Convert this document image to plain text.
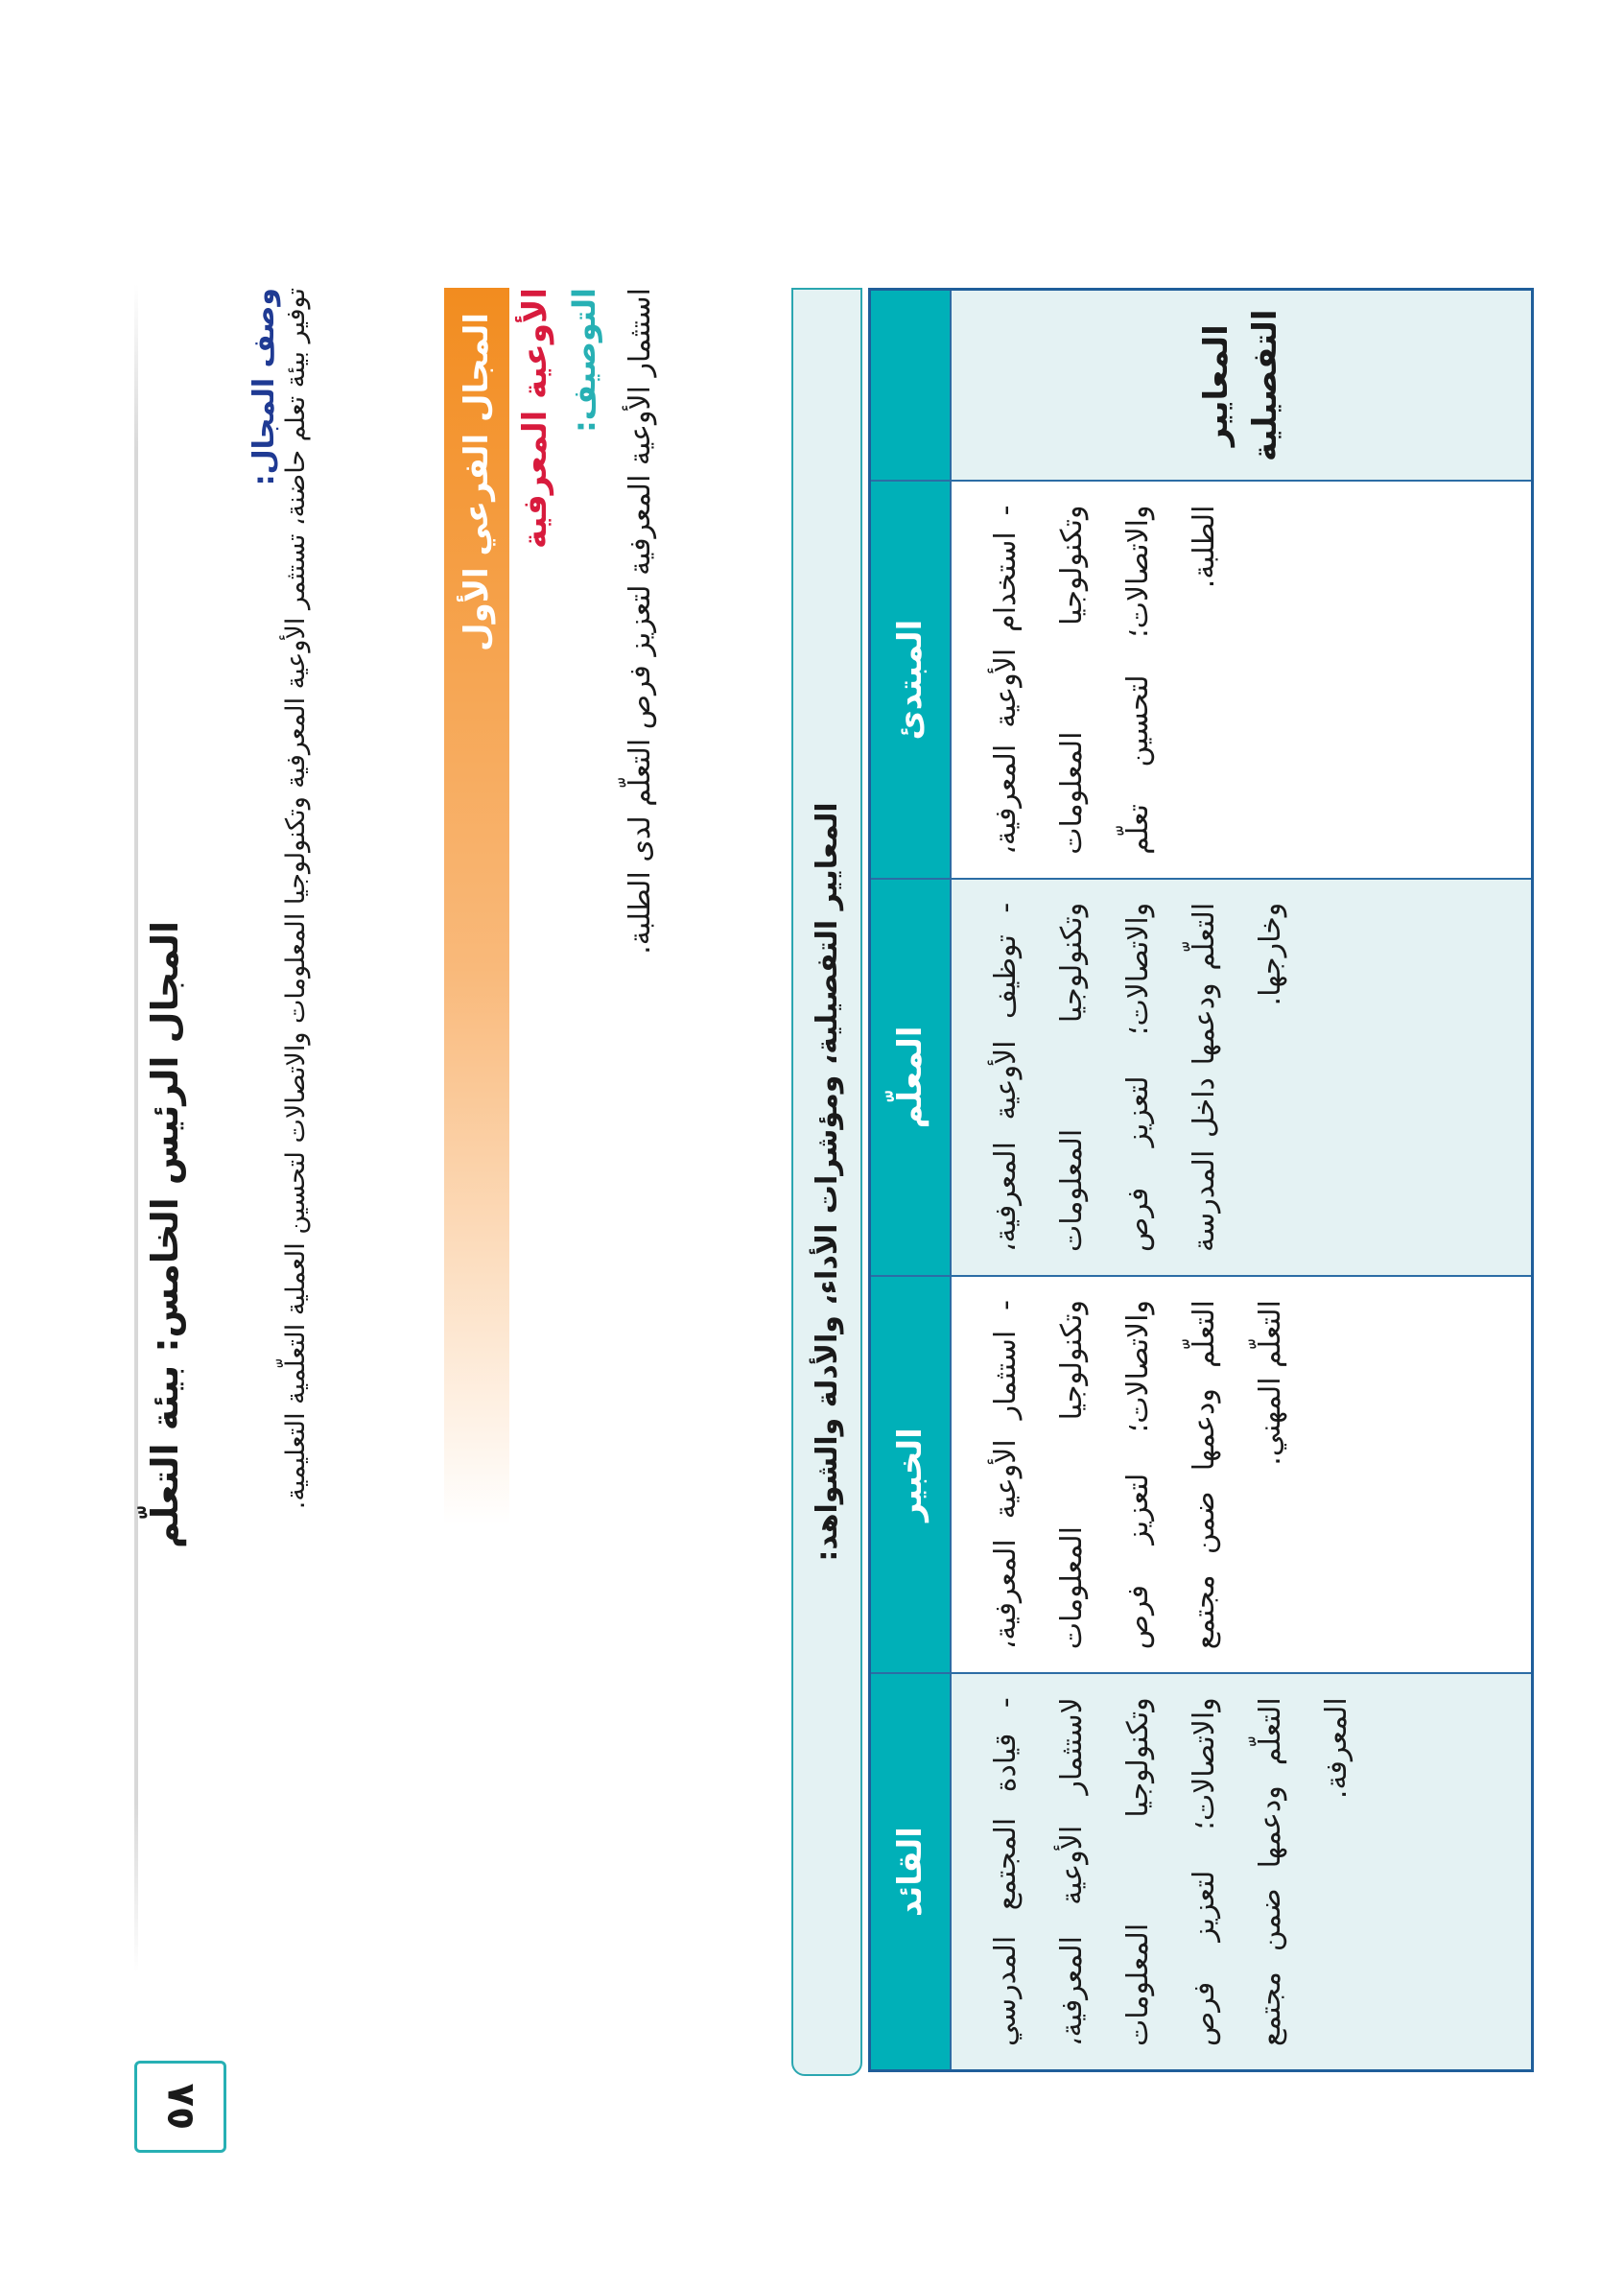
المجال الرئيس الخامس: بيئة التعلّم
٥٨
وصف المجال:
توفير بيئة تعلم حاضنة، تستثمر الأوعية المعرفية وتكنولوجيا المعلومات والاتصالات لتحسين العملية التعلّمية التعليمية.	المجال الفرعي الأول الأوعية المعرفية التوصيف: استثمار الأوعية المعرفية لتعزيز فرص التعلّم لدى الطلبة.
المعايير التفصيلية، ومؤشرات الأداء، والأدلة والشواهد:
	المبتدئ	المعلّم	الخبير	القائد
المعايير التفصيلية	- استخدام الأوعية المعرفية، وتكنولوجيا المعلومات والاتصالات؛ لتحسين تعلّم الطلبة.	- توظيف الأوعية المعرفية، وتكنولوجيا المعلومات والاتصالات؛ لتعزيز فرص التعلّم ودعمها داخل المدرسة وخارجها.	- استثمار الأوعية المعرفية، وتكنولوجيا المعلومات والاتصالات؛ لتعزيز فرص التعلّم ودعمها ضمن مجتمع التعلّم المهني.	- قيادة المجتمع المدرسي لاستثمار الأوعية المعرفية، وتكنولوجيا المعلومات والاتصالات؛ لتعزيز فرص التعلّم ودعمها ضمن مجتمع المعرفة.
